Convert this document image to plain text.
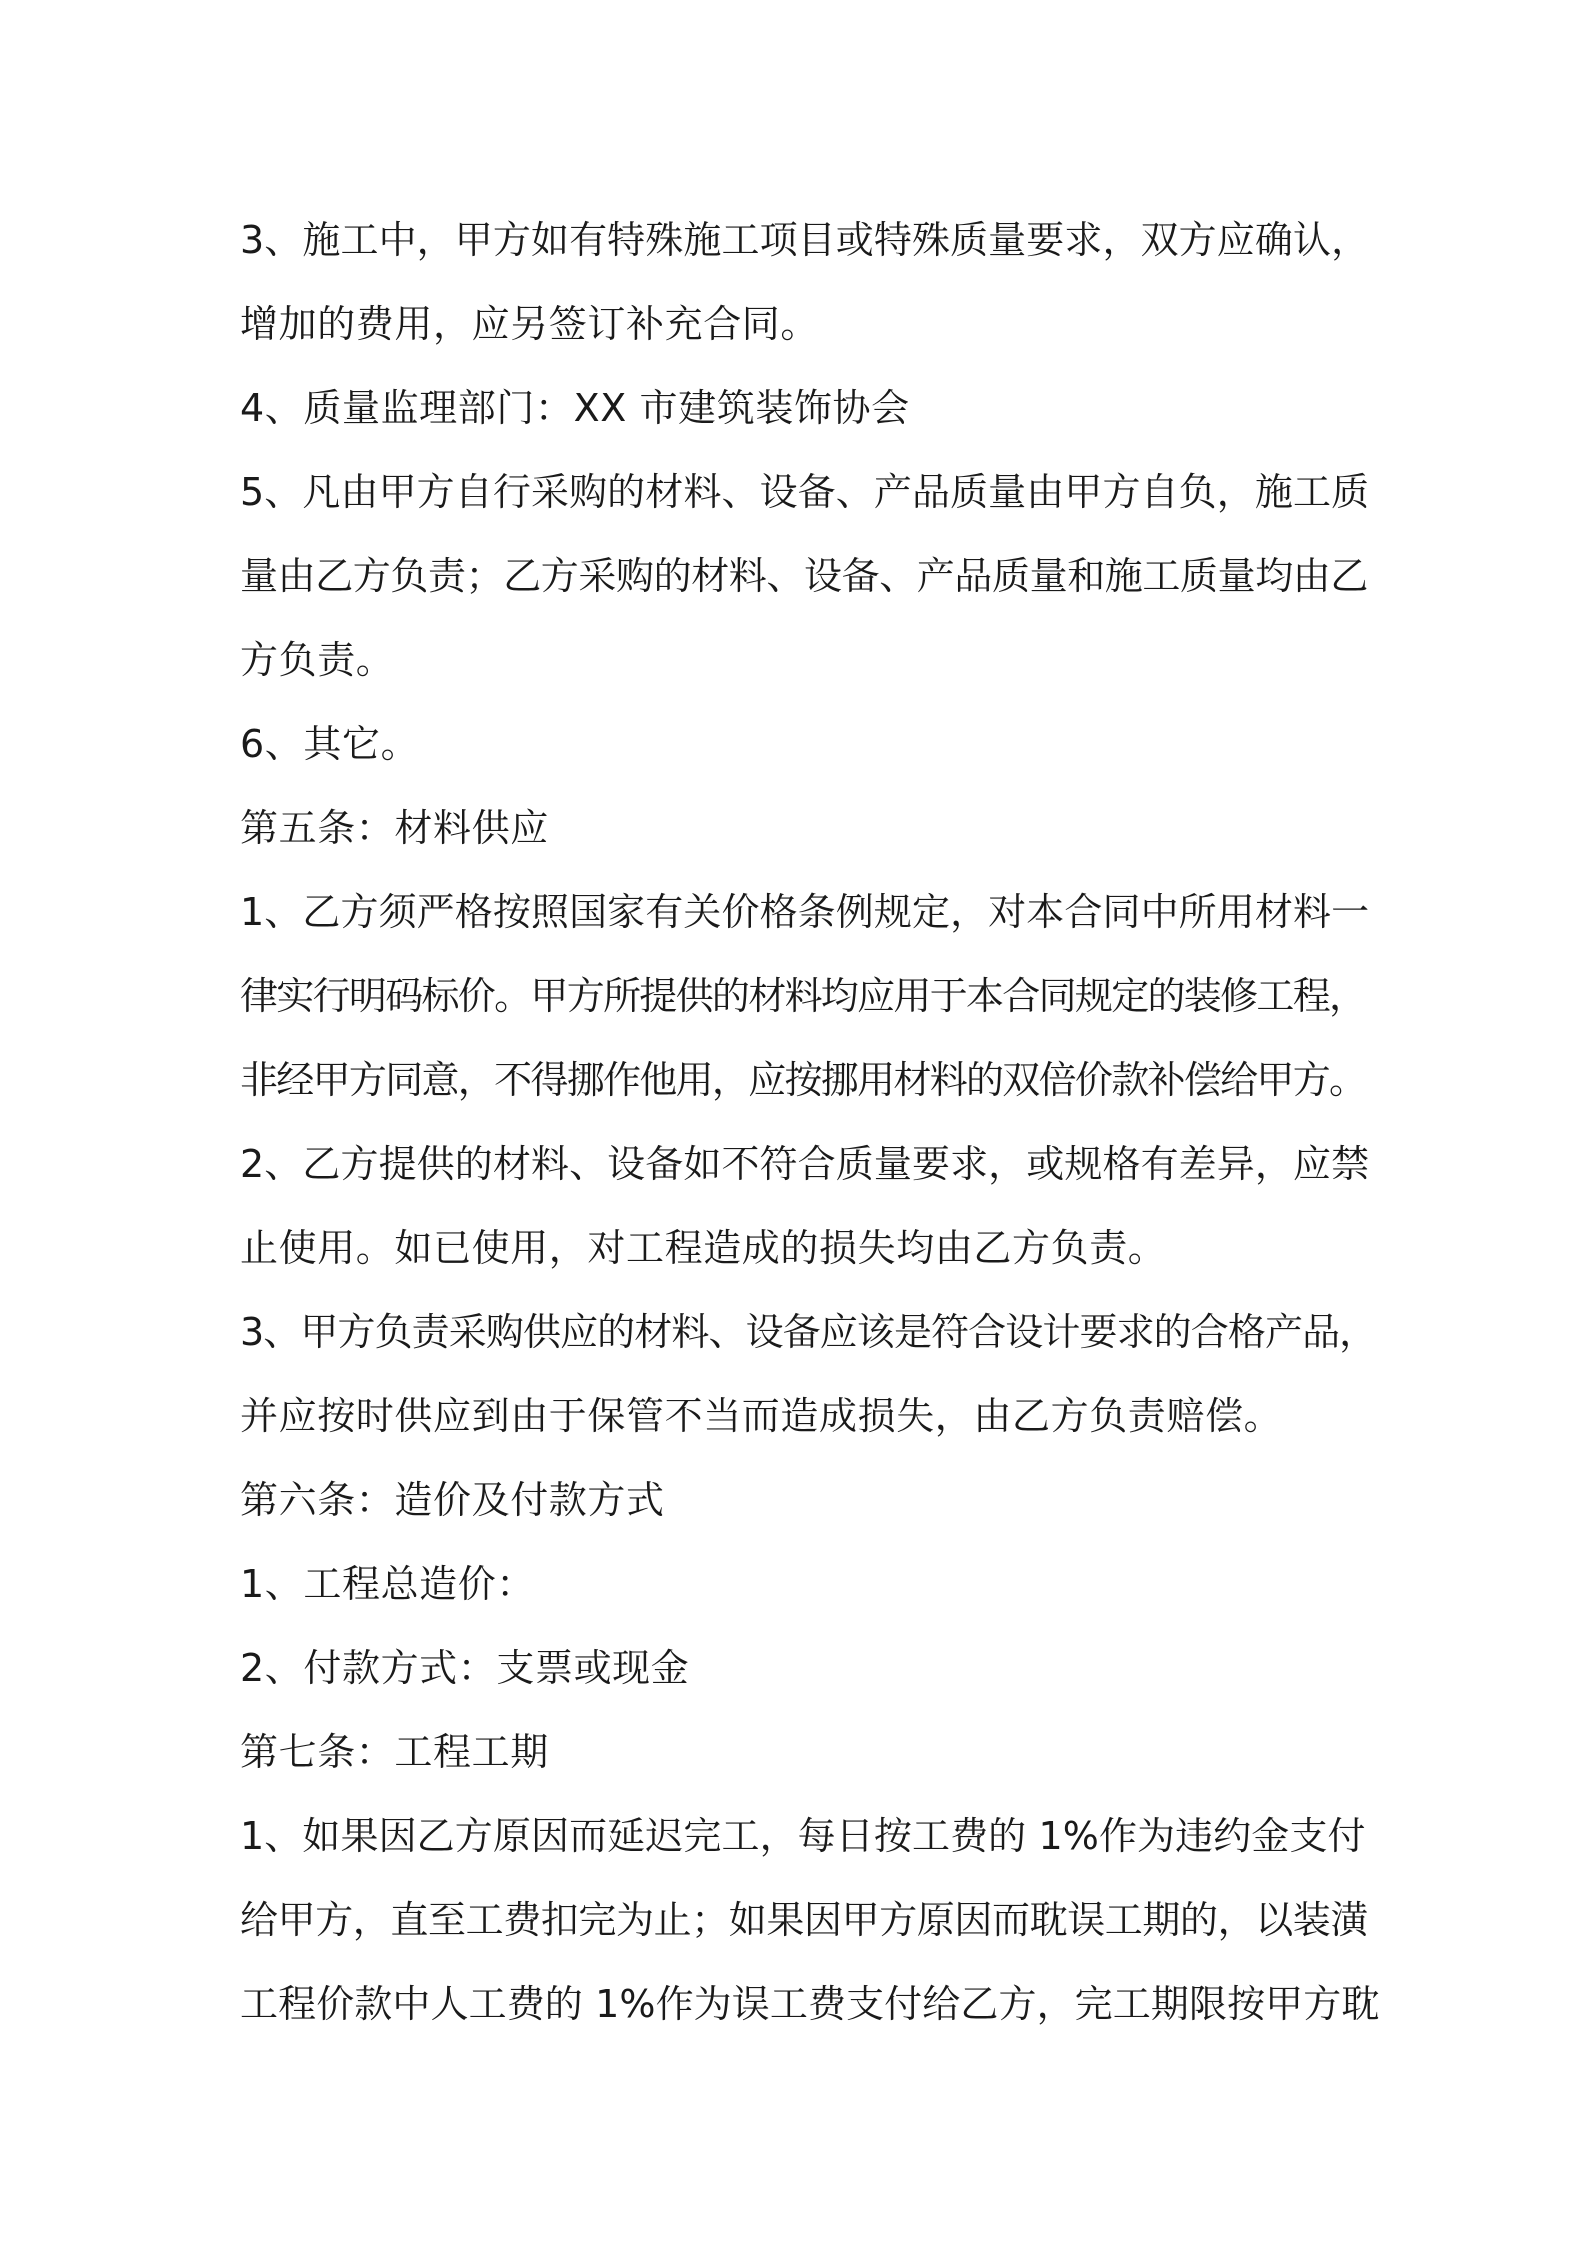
3、施工中，甲方如有特殊施工项目或特殊质量要求，双方应确认，
增加的费用，应另签订补充合同。
4、质量监理部门：XX 市建筑装饰协会
5、凡由甲方自行采购的材料、设备、产品质量由甲方自负，施工质
量由乙方负责；乙方采购的材料、设备、产品质量和施工质量均由乙
方负责。
6、其它。
第五条：材料供应
1、乙方须严格按照国家有关价格条例规定，对本合同中所用材料一
律实行明码标价。甲方所提供的材料均应用于本合同规定的装修工程，
非经甲方同意，不得挪作他用，应按挪用材料的双倍价款补偿给甲方。
2、乙方提供的材料、设备如不符合质量要求，或规格有差异，应禁
止使用。如已使用，对工程造成的损失均由乙方负责。
3、甲方负责采购供应的材料、设备应该是符合设计要求的合格产品，
并应按时供应到由于保管不当而造成损失，由乙方负责赔偿。
第六条：造价及付款方式
1、工程总造价：
2、付款方式：支票或现金
第七条：工程工期
1、如果因乙方原因而延迟完工，每日按工费的 1%作为违约金支付
给甲方，直至工费扣完为止；如果因甲方原因而耽误工期的，以装潢
工程价款中人工费的 1%作为误工费支付给乙方，完工期限按甲方耽
